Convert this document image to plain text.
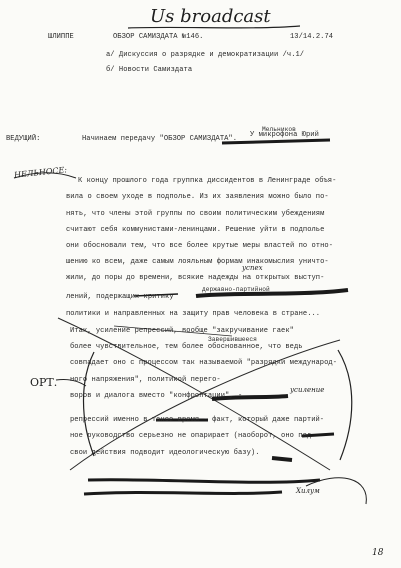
Us broadcast
ШЛИППЕ	ОБЗОР САМИЗДАТА №146.	13/14.2.74
а/ Дискуссия о разрядке и демократизации /ч.1/
б/ Новости Самиздата
ВЕДУЩИЙ:
Мельников
Начинаем передачу "ОБЗОР САМИЗДАТА". У микрофона Юрий
НЕЛЬНОСЕ:
К концу прошлого года группка диссидентов в Ленинграде объя-
вила о своем уходе в подполье. Из их заявления можно было по-
нять, что члены этой группы по своим политическим убеждениям
считают себя коммунистами-ленинцами. Решение уйти в подполье
они обосновали тем, что все более крутые меры властей по отно-
шению ко всем, даже самым лояльным формам инакомыслия уничто-
жили, до поры до времени, всякие надежды на открытых выступ-
успех
державно-партийной
лений, подержащих критику
политики и направленных на защиту прав человека в стране...
Завершившееся
Итак, усиление репрессий, вообще "закручивание гаек"
более чувствительное, тем более обоснованное, что ведь
совпадает оно с процессом так называемой "разрядки международ-
ного напряжения", политикой перего-
воров и диалога вместо "конфронтации", -
усиление
репрессий именно в такое время - факт, который даже партий-
ное руководство серьезно не опарирает (наоборот, оно под
свои действия подводит идеологическую базу).
ОРТ.
Хилум
18
